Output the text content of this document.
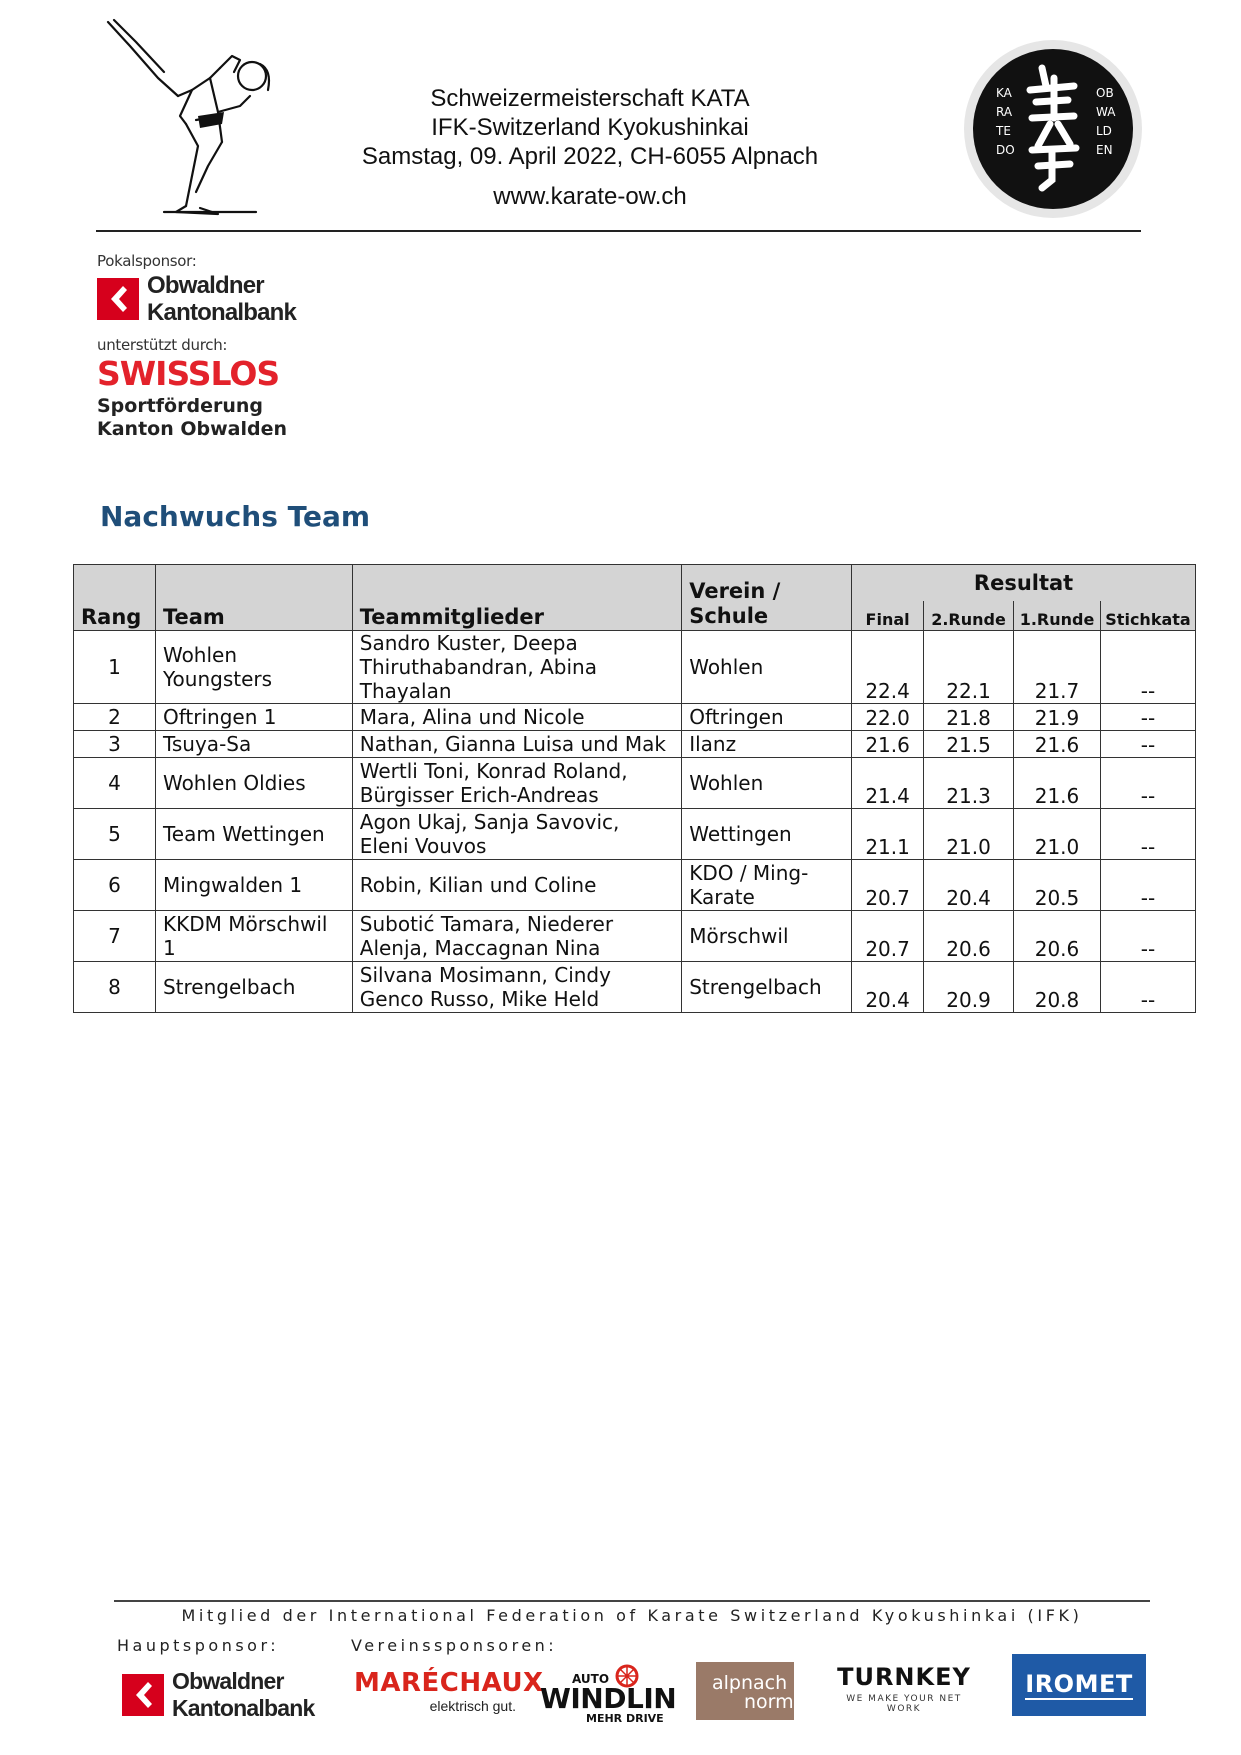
Schweizermeisterschaft KATA
IFK-Switzerland Kyokushinkai
Samstag, 09. April 2022, CH-6055 Alpnach
www.karate-ow.ch
KA
RA
TE
DO
OB
WA
LD
EN
Pokalsponsor:
Obwaldner
Kantonalbank
unterstützt durch:
SWISSLOS
Sportförderung
Kanton Obwalden
Nachwuchs Team
Rang	Team	Teammitglieder	Verein / Schule	Resultat			
				Final	2.Runde	1.Runde	Stichkata
1	Wohlen Youngsters	Sandro Kuster, Deepa Thiruthabandran, Abina Thayalan	Wohlen	22.4	22.1	21.7	--
2	Oftringen 1	Mara, Alina und Nicole	Oftringen	22.0	21.8	21.9	--
3	Tsuya-Sa	Nathan, Gianna Luisa und Mak	Ilanz	21.6	21.5	21.6	--
4	Wohlen Oldies	Wertli Toni, Konrad Roland, Bürgisser Erich-Andreas	Wohlen	21.4	21.3	21.6	--
5	Team Wettingen	Agon Ukaj, Sanja Savovic, Eleni Vouvos	Wettingen	21.1	21.0	21.0	--
6	Mingwalden 1	Robin, Kilian und Coline	KDO / Ming-Karate	20.7	20.4	20.5	--
7	KKDM Mörschwil 1	Subotić Tamara, Niederer Alenja, Maccagnan Nina	Mörschwil	20.7	20.6	20.6	--
8	Strengelbach	Silvana Mosimann, Cindy Genco Russo, Mike Held	Strengelbach	20.4	20.9	20.8	--
Mitglied der International Federation of Karate Switzerland Kyokushinkai (IFK)
Hauptsponsor:	Vereinssponsoren:
Obwaldner
Kantonalbank
MARÉCHAUX
elektrisch gut.
AUTO
WINDLIN
MEHR DRIVE
alpnach
norm
TURNKEY
WE MAKE YOUR NET WORK
IROMET
